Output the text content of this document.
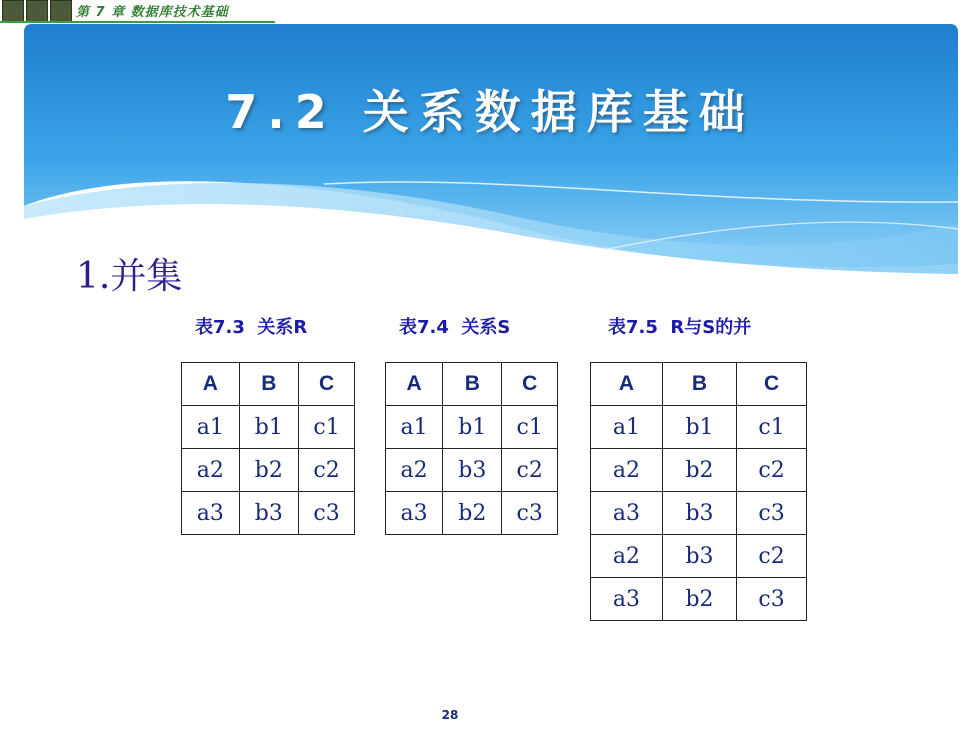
第 7 章 数据库技术基础
7.2 关系数据库基础
1.并集
表7.3  关系R	表7.4  关系S	表7.5  R与S的并
A	B	C
a1	b1	c1
a2	b2	c2
a3	b3	c3
A	B	C
a1	b1	c1
a2	b3	c2
a3	b2	c3
A	B	C
a1	b1	c1
a2	b2	c2
a3	b3	c3
a2	b3	c2
a3	b2	c3
28
